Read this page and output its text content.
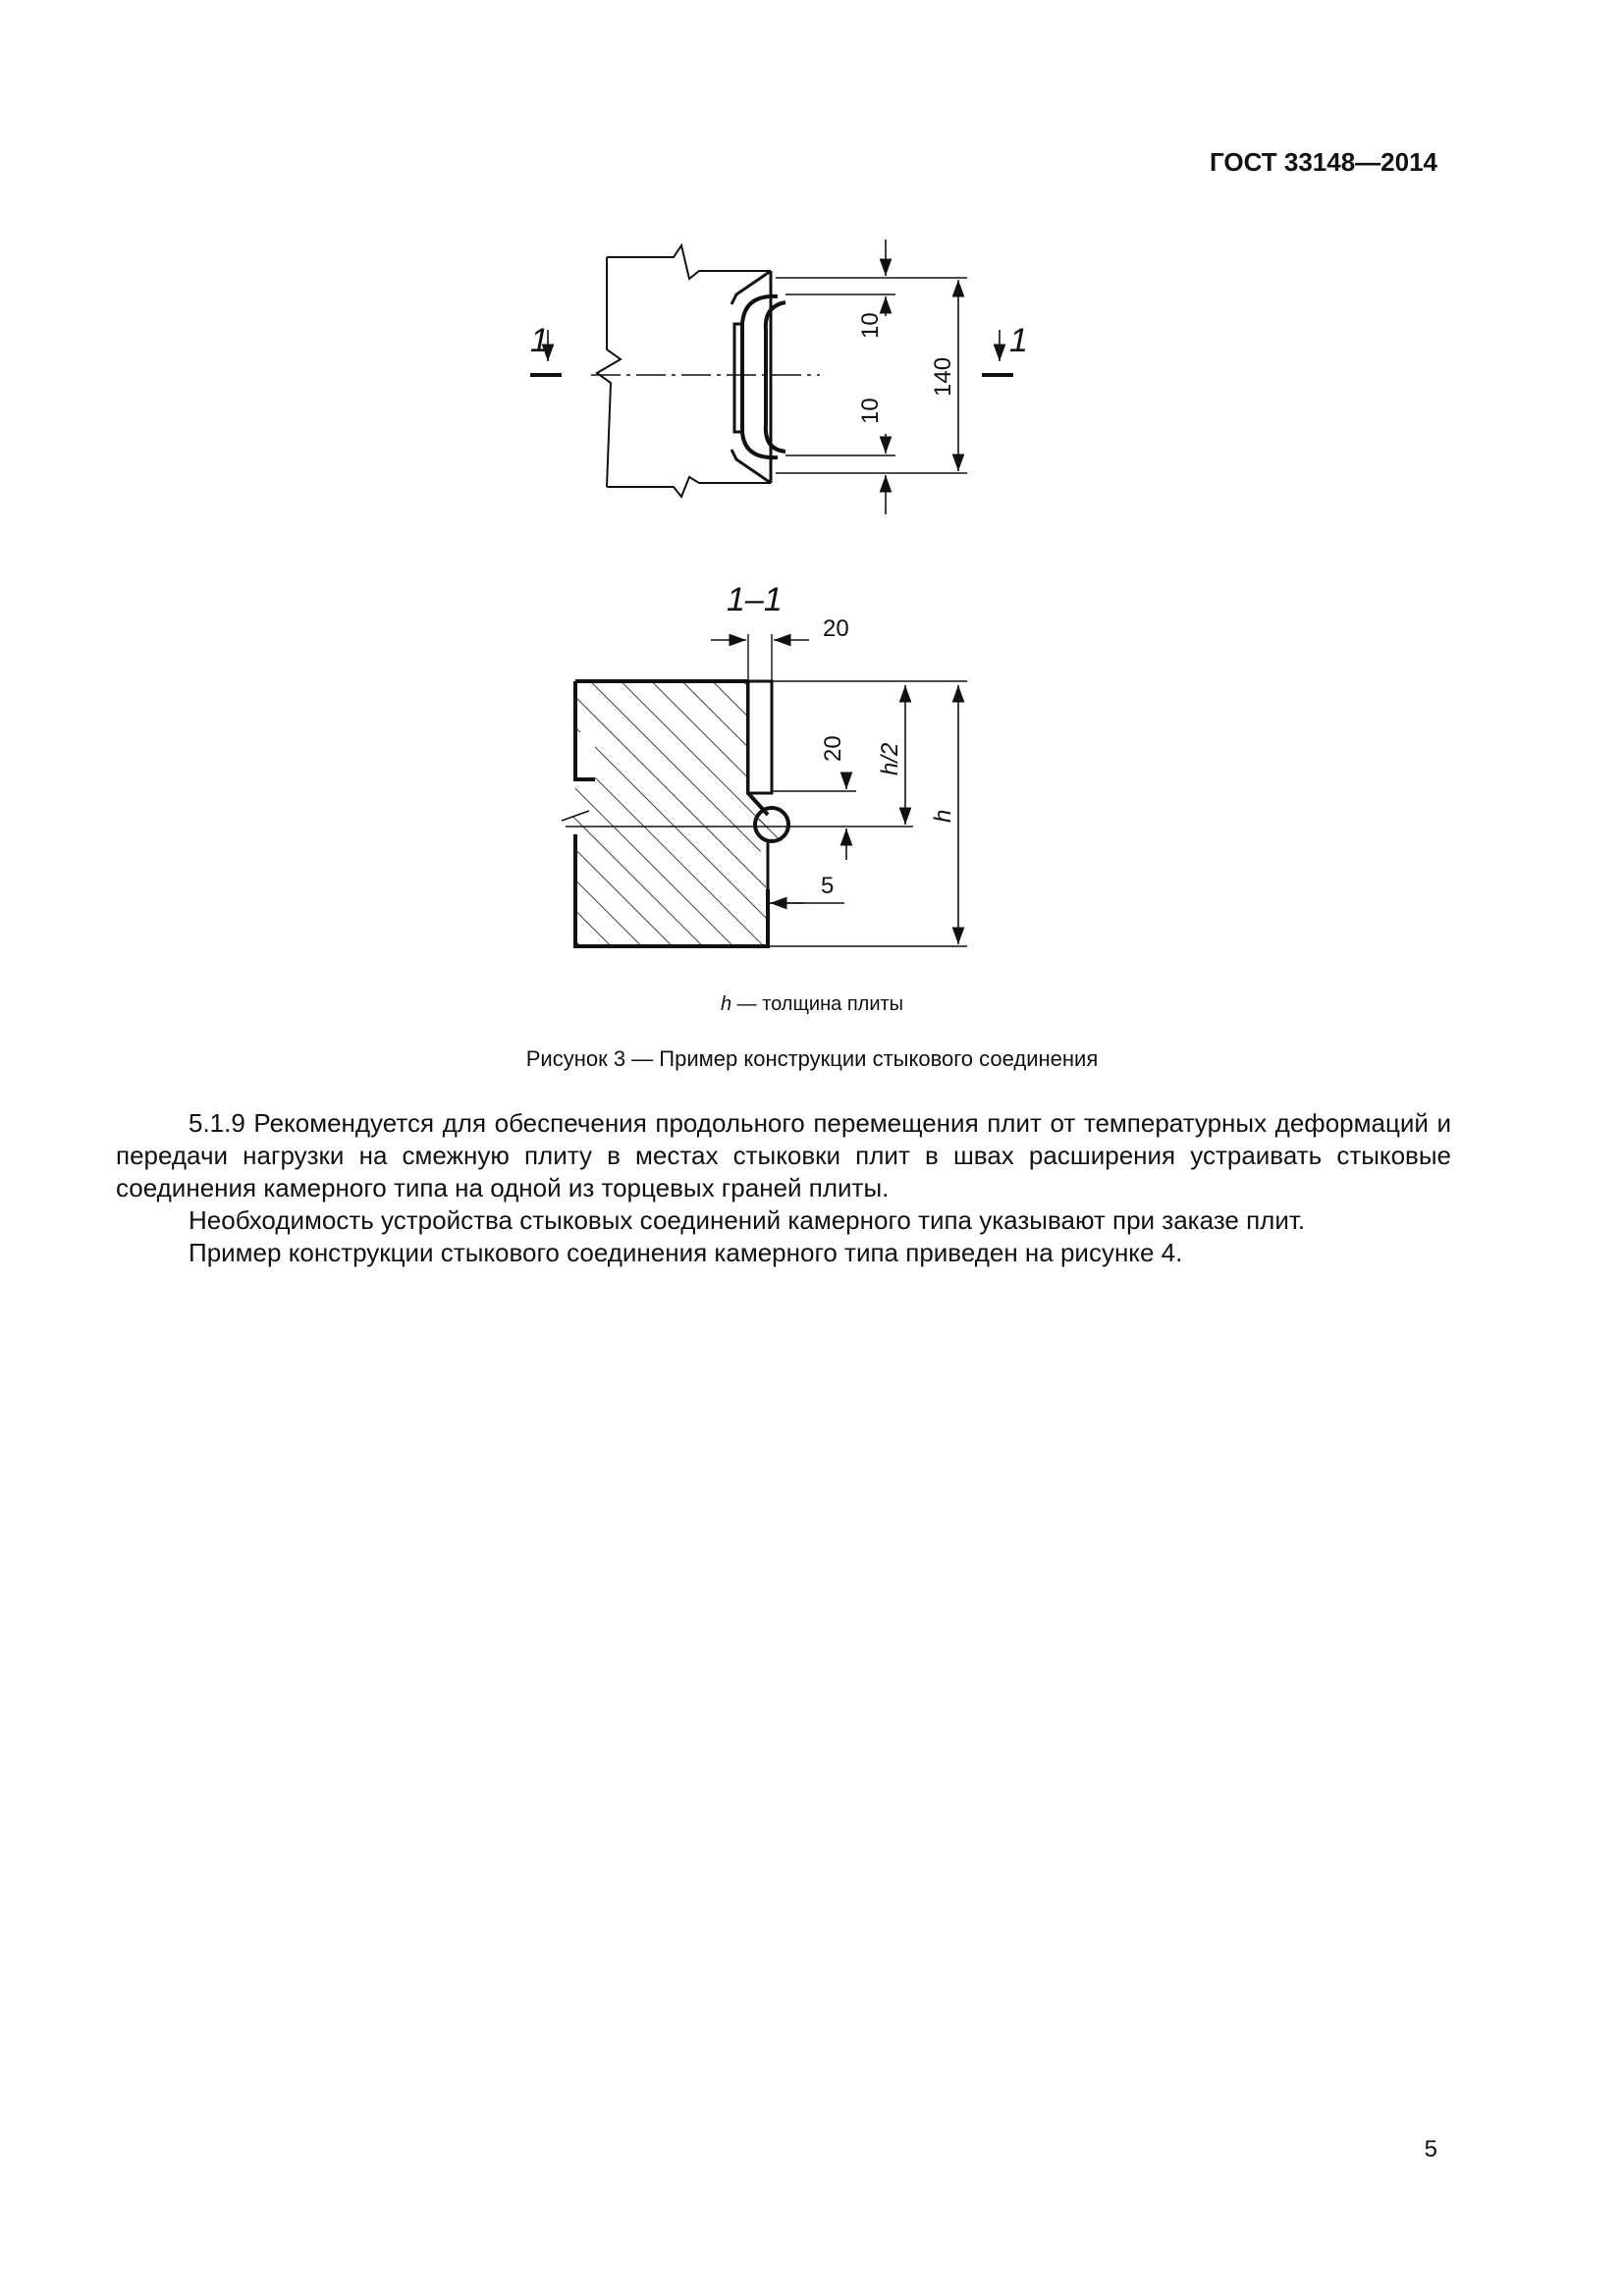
ГОСТ 33148—2014
10
10
140
1	1
1–1
20
20 h/2
h
5
h — толщина плиты
Рисунок 3 — Пример конструкции стыкового соединения

5.1.9 Рекомендуется для обеспечения продольного перемещения плит от температурных деформаций и передачи нагрузки на смежную плиту в местах стыковки плит в швах расширения устраивать стыковые соединения камерного типа на одной из торцевых граней плиты.

Необходимость устройства стыковых соединений камерного типа указывают при заказе плит.

Пример конструкции стыкового соединения камерного типа приведен на рисунке 4.

5
